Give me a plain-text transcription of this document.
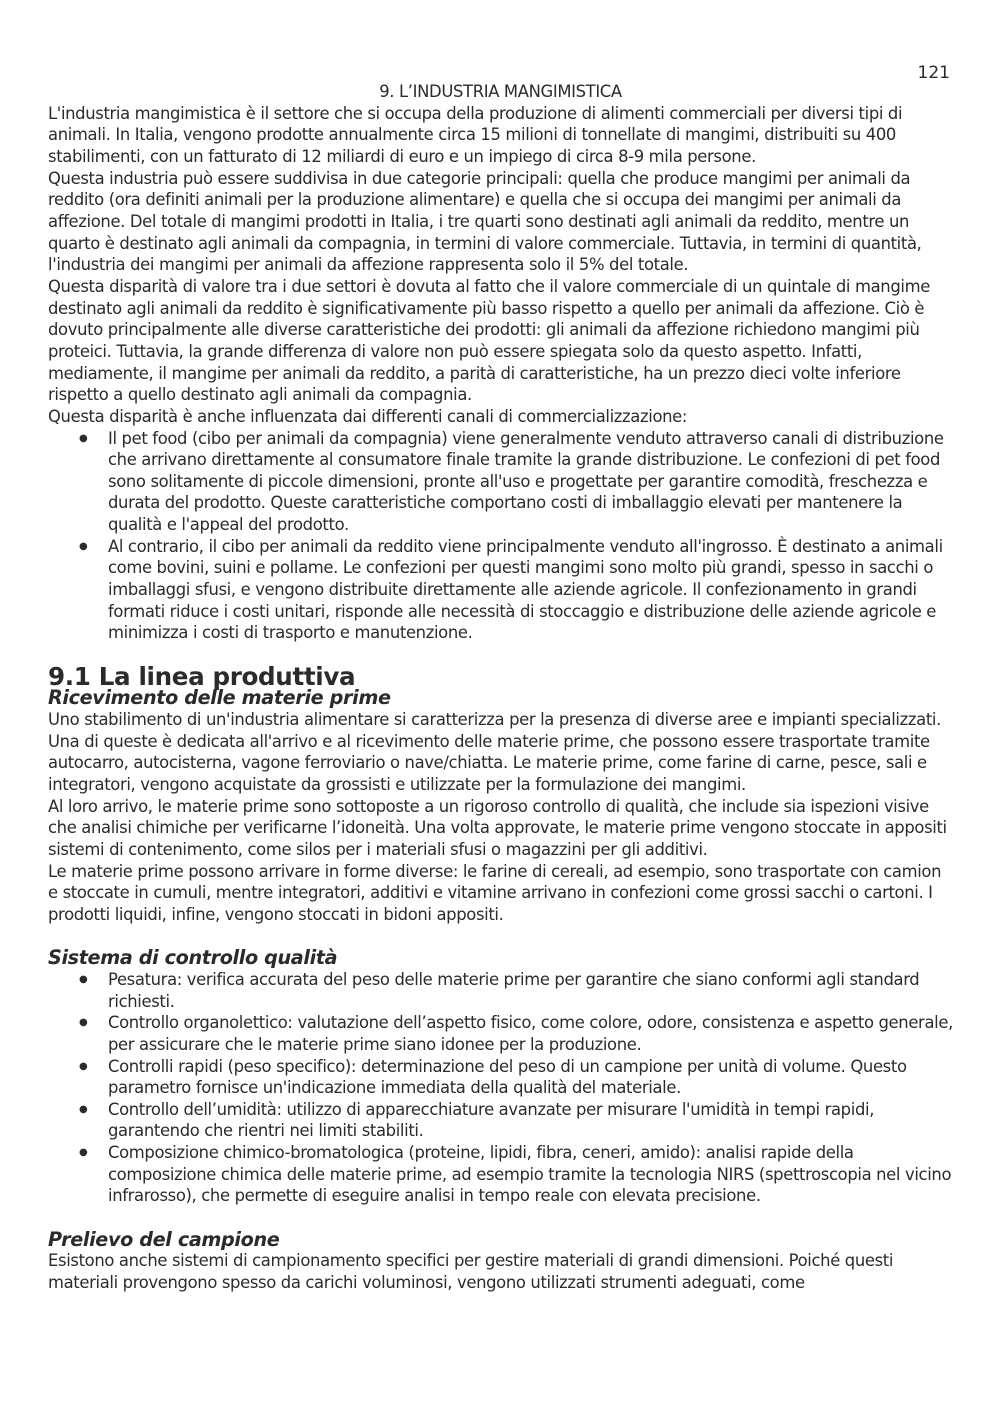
121
9. L’INDUSTRIA MANGIMISTICA

L'industria mangimistica è il settore che si occupa della produzione di alimenti commerciali per diversi tipi di animali. In Italia, vengono prodotte annualmente circa 15 milioni di tonnellate di mangimi, distribuiti su 400 stabilimenti, con un fatturato di 12 miliardi di euro e un impiego di circa 8-9 mila persone.

Questa industria può essere suddivisa in due categorie principali: quella che produce mangimi per animali da reddito (ora definiti animali per la produzione alimentare) e quella che si occupa dei mangimi per animali da affezione. Del totale di mangimi prodotti in Italia, i tre quarti sono destinati agli animali da reddito, mentre un quarto è destinato agli animali da compagnia, in termini di valore commerciale. Tuttavia, in termini di quantità, l'industria dei mangimi per animali da affezione rappresenta solo il 5% del totale.

Questa disparità di valore tra i due settori è dovuta al fatto che il valore commerciale di un quintale di mangime destinato agli animali da reddito è significativamente più basso rispetto a quello per animali da affezione. Ciò è dovuto principalmente alle diverse caratteristiche dei prodotti: gli animali da affezione richiedono mangimi più proteici. Tuttavia, la grande differenza di valore non può essere spiegata solo da questo aspetto. Infatti, mediamente, il mangime per animali da reddito, a parità di caratteristiche, ha un prezzo dieci volte inferiore rispetto a quello destinato agli animali da compagnia.

Questa disparità è anche influenzata dai differenti canali di commercializzazione:

● Il pet food (cibo per animali da compagnia) viene generalmente venduto attraverso canali di distribuzione che arrivano direttamente al consumatore finale tramite la grande distribuzione. Le confezioni di pet food sono solitamente di piccole dimensioni, pronte all'uso e progettate per garantire comodità, freschezza e durata del prodotto. Queste caratteristiche comportano costi di imballaggio elevati per mantenere la qualità e l'appeal del prodotto.
● Al contrario, il cibo per animali da reddito viene principalmente venduto all'ingrosso. È destinato a animali come bovini, suini e pollame. Le confezioni per questi mangimi sono molto più grandi, spesso in sacchi o imballaggi sfusi, e vengono distribuite direttamente alle aziende agricole. Il confezionamento in grandi formati riduce i costi unitari, risponde alle necessità di stoccaggio e distribuzione delle aziende agricole e minimizza i costi di trasporto e manutenzione.
9.1 La linea produttiva
Ricevimento delle materie prime

Uno stabilimento di un'industria alimentare si caratterizza per la presenza di diverse aree e impianti specializzati. Una di queste è dedicata all'arrivo e al ricevimento delle materie prime, che possono essere trasportate tramite autocarro, autocisterna, vagone ferroviario o nave/chiatta. Le materie prime, come farine di carne, pesce, sali e integratori, vengono acquistate da grossisti e utilizzate per la formulazione dei mangimi.

Al loro arrivo, le materie prime sono sottoposte a un rigoroso controllo di qualità, che include sia ispezioni visive che analisi chimiche per verificarne l’idoneità. Una volta approvate, le materie prime vengono stoccate in appositi sistemi di contenimento, come silos per i materiali sfusi o magazzini per gli additivi.

Le materie prime possono arrivare in forme diverse: le farine di cereali, ad esempio, sono trasportate con camion e stoccate in cumuli, mentre integratori, additivi e vitamine arrivano in confezioni come grossi sacchi o cartoni. I prodotti liquidi, infine, vengono stoccati in bidoni appositi.

Sistema di controllo qualità
● Pesatura: verifica accurata del peso delle materie prime per garantire che siano conformi agli standard richiesti.
● Controllo organolettico: valutazione dell’aspetto fisico, come colore, odore, consistenza e aspetto generale, per assicurare che le materie prime siano idonee per la produzione.
● Controlli rapidi (peso specifico): determinazione del peso di un campione per unità di volume. Questo parametro fornisce un'indicazione immediata della qualità del materiale.
● Controllo dell’umidità: utilizzo di apparecchiature avanzate per misurare l'umidità in tempi rapidi, garantendo che rientri nei limiti stabiliti.
● Composizione chimico-bromatologica (proteine, lipidi, fibra, ceneri, amido): analisi rapide della composizione chimica delle materie prime, ad esempio tramite la tecnologia NIRS (spettroscopia nel vicino infrarosso), che permette di eseguire analisi in tempo reale con elevata precisione.
Prelievo del campione

Esistono anche sistemi di campionamento specifici per gestire materiali di grandi dimensioni. Poiché questi materiali provengono spesso da carichi voluminosi, vengono utilizzati strumenti adeguati, come
